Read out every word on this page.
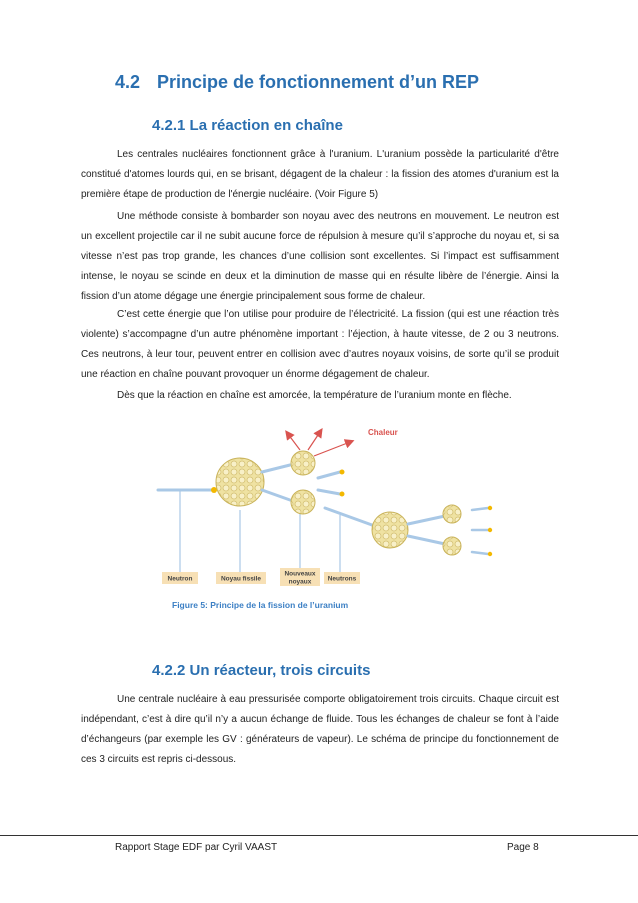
4.2 Principe de fonctionnement d’un REP
4.2.1 La réaction en chaîne

Les centrales nucléaires fonctionnent grâce à l'uranium. L'uranium possède la particularité d'être constitué d'atomes lourds qui, en se brisant, dégagent de la chaleur : la fission des atomes d'uranium est la première étape de production de l'énergie nucléaire. (Voir Figure 5)

Une méthode consiste à bombarder son noyau avec des neutrons en mouvement. Le neutron est un excellent projectile car il ne subit aucune force de répulsion à mesure qu’il s’approche du noyau et, si sa vitesse n’est pas trop grande, les chances d’une collision sont excellentes. Si l’impact est suffisamment intense, le noyau se scinde en deux et la diminution de masse qui en résulte libère de l’énergie. Ainsi la fission d’un atome dégage une énergie principalement sous forme de chaleur.

C’est cette énergie que l’on utilise pour produire de l’électricité. La fission (qui est une réaction très violente) s’accompagne d’un autre phénomène important : l’éjection, à haute vitesse, de 2 ou 3 neutrons. Ces neutrons, à leur tour, peuvent entrer en collision avec d’autres noyaux voisins, de sorte qu’il se produit une réaction en chaîne pouvant provoquer un énorme dégagement de chaleur.

Dès que la réaction en chaîne est amorcée, la température de l’uranium monte en flèche.

Chaleur
Neutron	Noyau fissile
Nouveaux
noyaux	Neutrons
Figure 5: Principe de la fission de l’uranium
4.2.2 Un réacteur, trois circuits

Une centrale nucléaire à eau pressurisée comporte obligatoirement trois circuits. Chaque circuit est indépendant, c’est à dire qu’il n’y a aucun échange de fluide. Tous les échanges de chaleur se font à l’aide d’échangeurs (par exemple les GV : générateurs de vapeur). Le schéma de principe du fonctionnement de ces 3 circuits est repris ci-dessous.

Rapport Stage EDF par Cyril VAAST	Page 8
